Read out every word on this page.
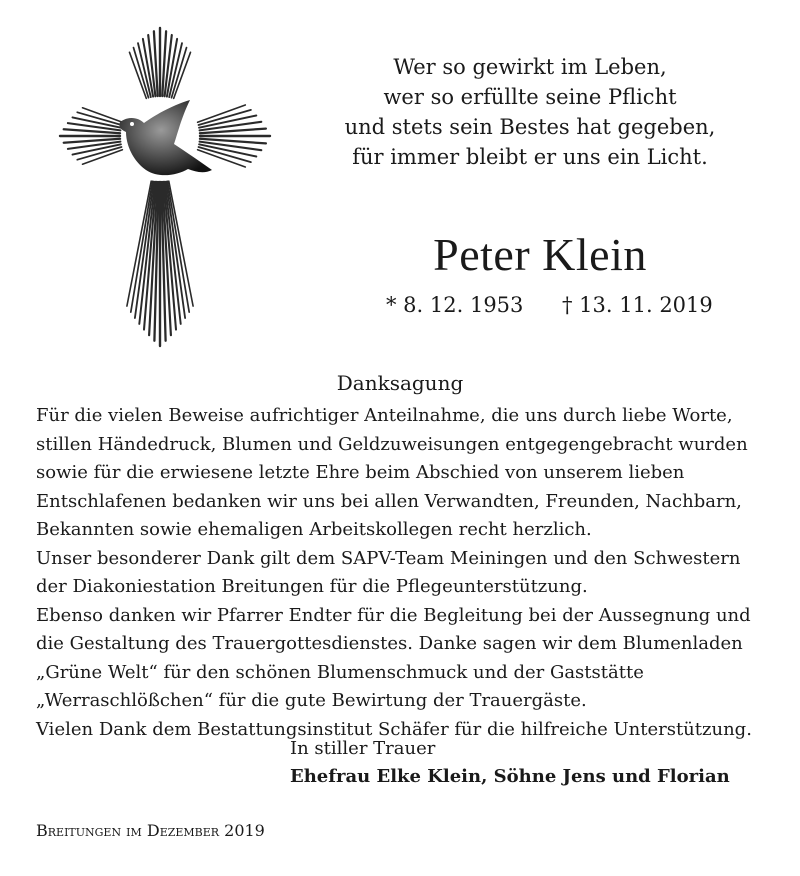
Wer so gewirkt im Leben,
wer so erfüllte seine Pflicht
und stets sein Bestes hat gegeben,
für immer bleibt er uns ein Licht.

Peter Klein
* 8. 12. 1953 † 13. 11. 2019
Danksagung

Für die vielen Beweise aufrichtiger Anteilnahme, die uns durch liebe Worte,
stillen Händedruck, Blumen und Geldzuweisungen entgegengebracht wurden
sowie für die erwiesene letzte Ehre beim Abschied von unserem lieben
Entschlafenen bedanken wir uns bei allen Verwandten, Freunden, Nachbarn,
Bekannten sowie ehemaligen Arbeitskollegen recht herzlich.
Unser besonderer Dank gilt dem SAPV-Team Meiningen und den Schwestern
der Diakoniestation Breitungen für die Pflegeunterstützung.
Ebenso danken wir Pfarrer Endter für die Begleitung bei der Aussegnung und
die Gestaltung des Trauergottesdienstes. Danke sagen wir dem Blumenladen
„Grüne Welt“ für den schönen Blumenschmuck und der Gaststätte
„Werraschlößchen“ für die gute Bewirtung der Trauergäste.
Vielen Dank dem Bestattungsinstitut Schäfer für die hilfreiche Unterstützung.

In stiller Trauer
Ehefrau Elke Klein, Söhne Jens und Florian
Breitungen im Dezember 2019
